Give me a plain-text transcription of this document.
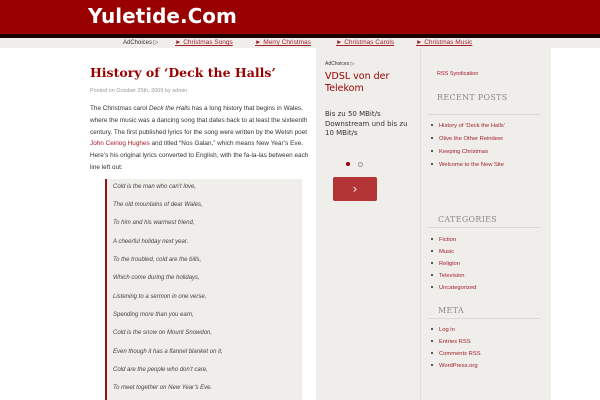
Yuletide.Com
AdChoices ▷	► Christmas Songs	► Merry Christmas	► Christmas Carols	► Christmas Music
History of ‘Deck the Halls’
Posted on October 25th, 2009 by admin
The Christmas carol Deck the Halls has a long history that begins in Wales, where the music was a dancing song that dates back to at least the sixteenth century. The first published lyrics for the song were written by the Welsh poet John Ceiriog Hughes and titled “Nos Galan,” which means New Year’s Eve. Here’s his original lyrics converted to English, with the fa-la-las between each line left out:
Cold is the man who can’t love,
The old mountains of dear Wales,
To him and his warmest friend,
A cheerful holiday next year.
To the troubled, cold are the bills,
Which come during the holidays,
Listening to a sermon in one verse,
Spending more than you earn,
Cold is the snow on Mount Snowdon,
Even though it has a flannel blanket on it,
Cold are the people who don’t care,
To meet together on New Year’s Eve.
AdChoices ▷
VDSL von der Telekom
Bis zu 50 MBit/s Downstream und bis zu 10 MBit/s
›
RSS Syndication
RECENT POSTS
History of ‘Deck the Halls’
Olive the Other Reindeer
Keeping Christmas
Welcome to the New Site
CATEGORIES
Fiction
Music
Religion
Television
Uncategorized
META
Log in
Entries RSS
Comments RSS
WordPress.org
